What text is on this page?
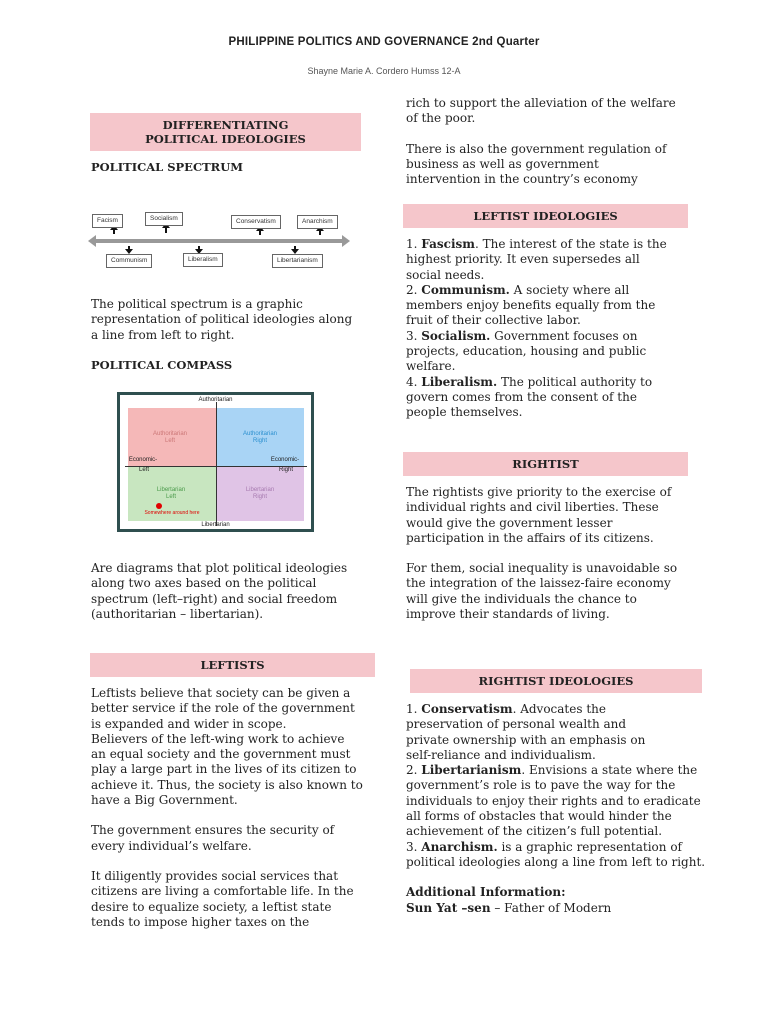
PHILIPPINE POLITICS AND GOVERNANCE 2nd Quarter
Shayne Marie A. Cordero Humss 12-A
DIFFERENTIATING POLITICAL IDEOLOGIES
POLITICAL SPECTRUM
Facism	Socialism	Conservatism	Anarchism
Communism	Liberalism	Libertarianism
The political spectrum is a graphic representation of political ideologies along a line from left to right.
POLITICAL COMPASS
Authoritarian
Libertarian
Economic-
Left
Economic-
Right
Authoritarian
Left
Authoritarian
Right
Libertarian
Left
Libertarian
Right
Somewhere around here
Are diagrams that plot political ideologies along two axes based on the political spectrum (left–right) and social freedom (authoritarian – libertarian).
LEFTISTS

Leftists believe that society can be given a better service if the role of the government is expanded and wider in scope.

Believers of the left-wing work to achieve an equal society and the government must play a large part in the lives of its citizen to achieve it. Thus, the society is also known to have a Big Government.

The government ensures the security of every individual’s welfare.

It diligently provides social services that citizens are living a comfortable life. In the desire to equalize society, a leftist state tends to impose higher taxes on the

rich to support the alleviation of the welfare of the poor.

There is also the government regulation of business as well as government intervention in the country’s economy

LEFTIST IDEOLOGIES

1. Fascism. The interest of the state is the highest priority. It even supersedes all social needs.

2. Communism. A society where all members enjoy benefits equally from the fruit of their collective labor.

3. Socialism. Government focuses on projects, education, housing and public welfare.

4. Liberalism. The political authority to govern comes from the consent of the people themselves.

RIGHTIST

The rightists give priority to the exercise of individual rights and civil liberties. These would give the government lesser participation in the affairs of its citizens.

For them, social inequality is unavoidable so the integration of the laissez-faire economy will give the individuals the chance to improve their standards of living.

RIGHTIST IDEOLOGIES

1. Conservatism. Advocates the preservation of personal wealth and private ownership with an emphasis on self-reliance and individualism.

2. Libertarianism. Envisions a state where the government’s role is to pave the way for the individuals to enjoy their rights and to eradicate all forms of obstacles that would hinder the achievement of the citizen’s full potential.

3. Anarchism. is a graphic representation of political ideologies along a line from left to right.

Additional Information:

Sun Yat –sen – Father of Modern
